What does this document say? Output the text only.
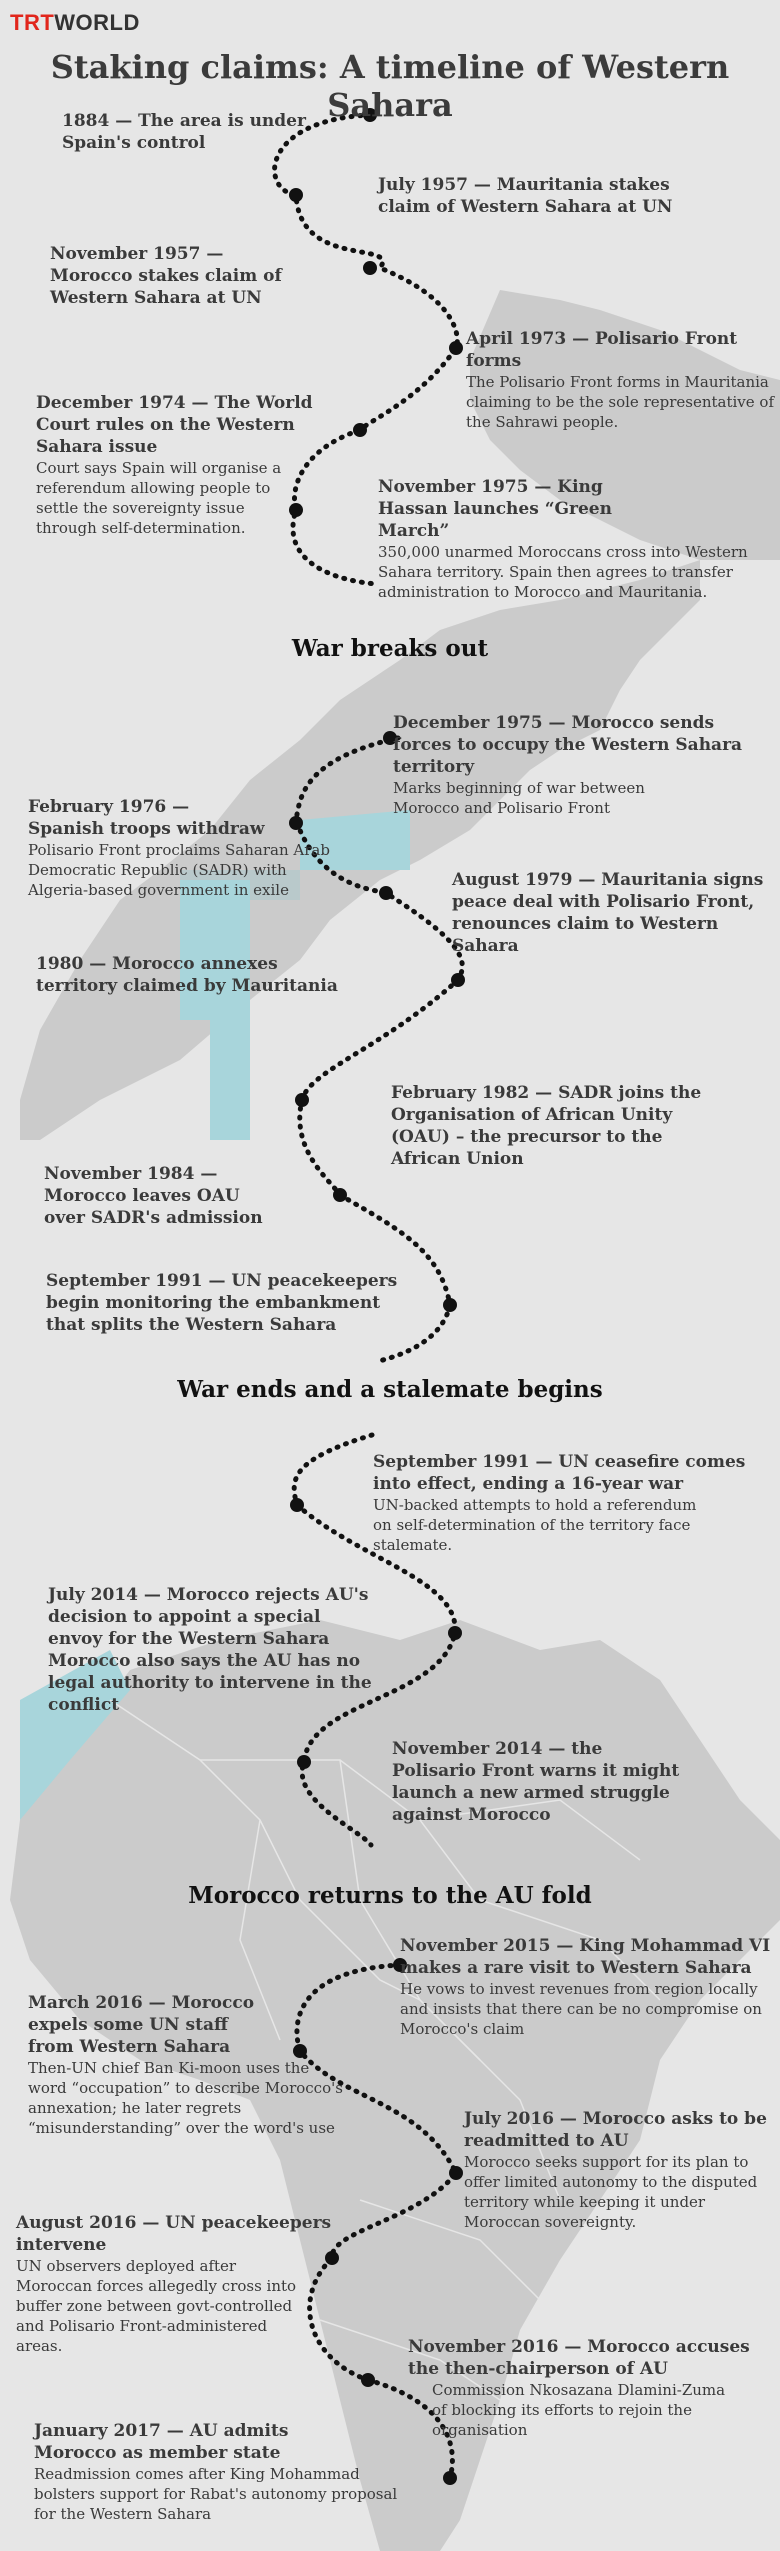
TRTWORLD
Staking claims: A timeline of Western Sahara
War breaks out
War ends and a stalemate begins
Morocco returns to the AU fold
1884 — The area is under Spain's control
July 1957 — Mauritania stakes claim of Western Sahara at UN
November 1957 — Morocco stakes claim of Western Sahara at UN
April 1973 — Polisario Front forms
The Polisario Front forms in Mauritania claiming to be the sole representative of the Sahrawi people.
December 1974 — The World Court rules on the Western Sahara issue
Court says Spain will organise a referendum allowing people to settle the sovereignty issue through self-determination.
November 1975 — King Hassan launches “Green March”
350,000 unarmed Moroccans cross into Western Sahara territory. Spain then agrees to transfer administration to Morocco and Mauritania.
December 1975 — Morocco sends forces to occupy the Western Sahara territory
Marks beginning of war between Morocco and Polisario Front
February 1976 — Spanish troops withdraw
Polisario Front proclaims Saharan Arab Democratic Republic (SADR) with Algeria-based government in exile	August 1979 — Mauritania signs peace deal with Polisario Front, renounces claim to Western Sahara
1980 — Morocco annexes territory claimed by Mauritania
February 1982 — SADR joins the Organisation of African Unity (OAU) – the precursor to the African Union
November 1984 — Morocco leaves OAU over SADR's admission
September 1991 — UN peacekeepers begin monitoring the embankment that splits the Western Sahara
September 1991 — UN ceasefire comes into effect, ending a 16-year war
UN-backed attempts to hold a referendum on self-determination of the territory face stalemate.
July 2014 — Morocco rejects AU's decision to appoint a special envoy for the Western Sahara Morocco also says the AU has no legal authority to intervene in the conflict
November 2014 — the Polisario Front warns it might launch a new armed struggle against Morocco
November 2015 — King Mohammad VI makes a rare visit to Western Sahara
He vows to invest revenues from region locally and insists that there can be no compromise on Morocco's claim
March 2016 — Morocco expels some UN staff from Western Sahara
Then-UN chief Ban Ki-moon uses the word “occupation” to describe Morocco's annexation; he later regrets “misunderstanding” over the word's use	July 2016 — Morocco asks to be readmitted to AU
Morocco seeks support for its plan to offer limited autonomy to the disputed territory while keeping it under Moroccan sovereignty.
August 2016 — UN peacekeepers intervene
UN observers deployed after Moroccan forces allegedly cross into buffer zone between govt-controlled and Polisario Front-administered areas.	November 2016 — Morocco accuses the then-chairperson of AU
Commission Nkosazana Dlamini-Zuma of blocking its efforts to rejoin the organisation
January 2017 — AU admits Morocco as member state
Readmission comes after King Mohammad bolsters support for Rabat's autonomy proposal for the Western Sahara
